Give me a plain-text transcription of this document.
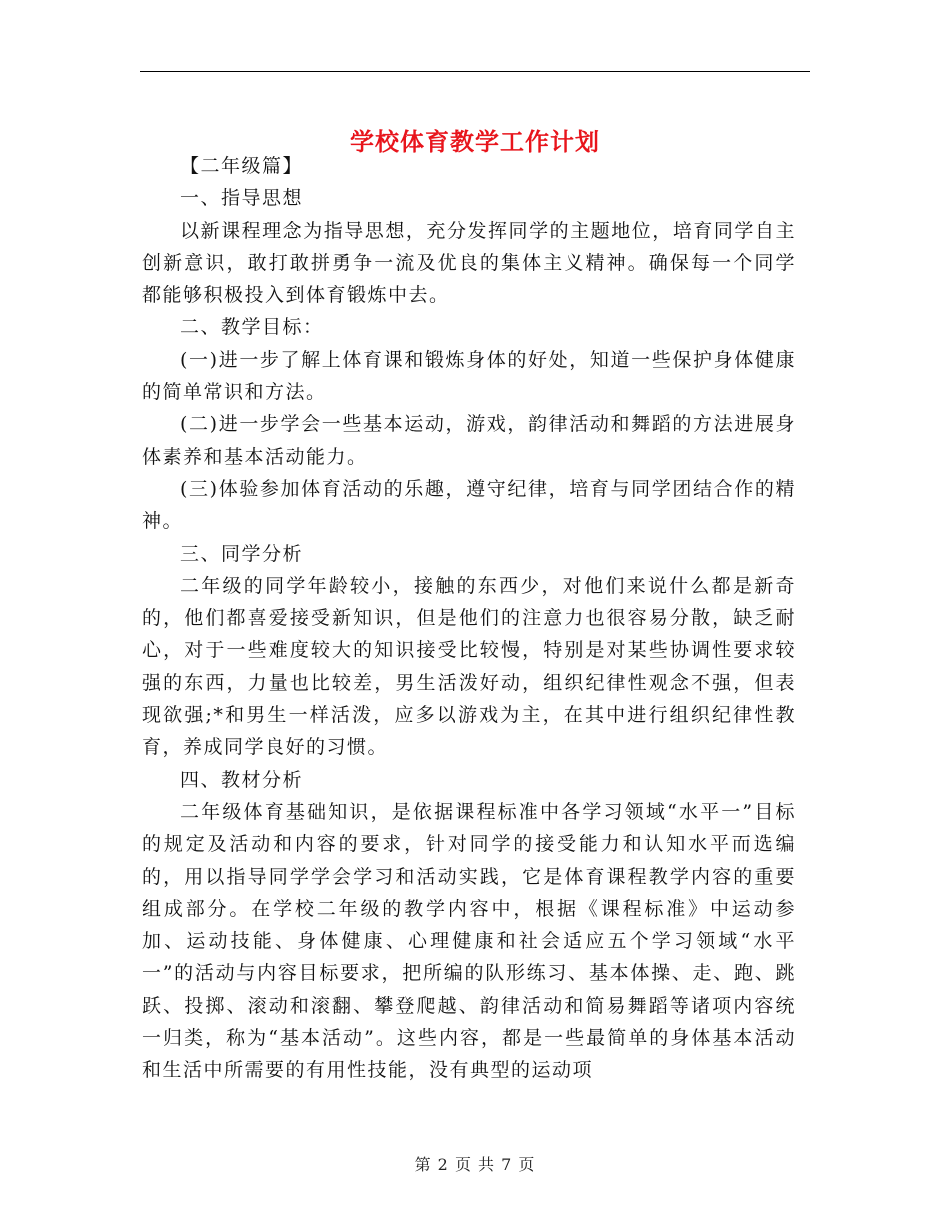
学校体育教学工作计划

【二年级篇】

一、指导思想

以新课程理念为指导思想，充分发挥同学的主题地位，培育同学自主创新意识，敢打敢拼勇争一流及优良的集体主义精神。确保每一个同学都能够积极投入到体育锻炼中去。

二、教学目标：

(一)进一步了解上体育课和锻炼身体的好处，知道一些保护身体健康的简单常识和方法。

(二)进一步学会一些基本运动，游戏，韵律活动和舞蹈的方法进展身体素养和基本活动能力。

(三)体验参加体育活动的乐趣，遵守纪律，培育与同学团结合作的精神。

三、同学分析

二年级的同学年龄较小，接触的东西少，对他们来说什么都是新奇的，他们都喜爱接受新知识，但是他们的注意力也很容易分散，缺乏耐心，对于一些难度较大的知识接受比较慢，特别是对某些协调性要求较强的东西，力量也比较差，男生活泼好动，组织纪律性观念不强，但表现欲强;*和男生一样活泼，应多以游戏为主，在其中进行组织纪律性教育，养成同学良好的习惯。

四、教材分析

二年级体育基础知识，是依据课程标准中各学习领域“水平一”目标的规定及活动和内容的要求，针对同学的接受能力和认知水平而选编的，用以指导同学学会学习和活动实践，它是体育课程教学内容的重要组成部分。在学校二年级的教学内容中，根据《课程标准》中运动参加、运动技能、身体健康、心理健康和社会适应五个学习领域“水平一”的活动与内容目标要求，把所编的队形练习、基本体操、走、跑、跳跃、投掷、滚动和滚翻、攀登爬越、韵律活动和简易舞蹈等诸项内容统一归类，称为“基本活动”。这些内容，都是一些最简单的身体基本活动和生活中所需要的有用性技能，没有典型的运动项

第 2 页 共 7 页
